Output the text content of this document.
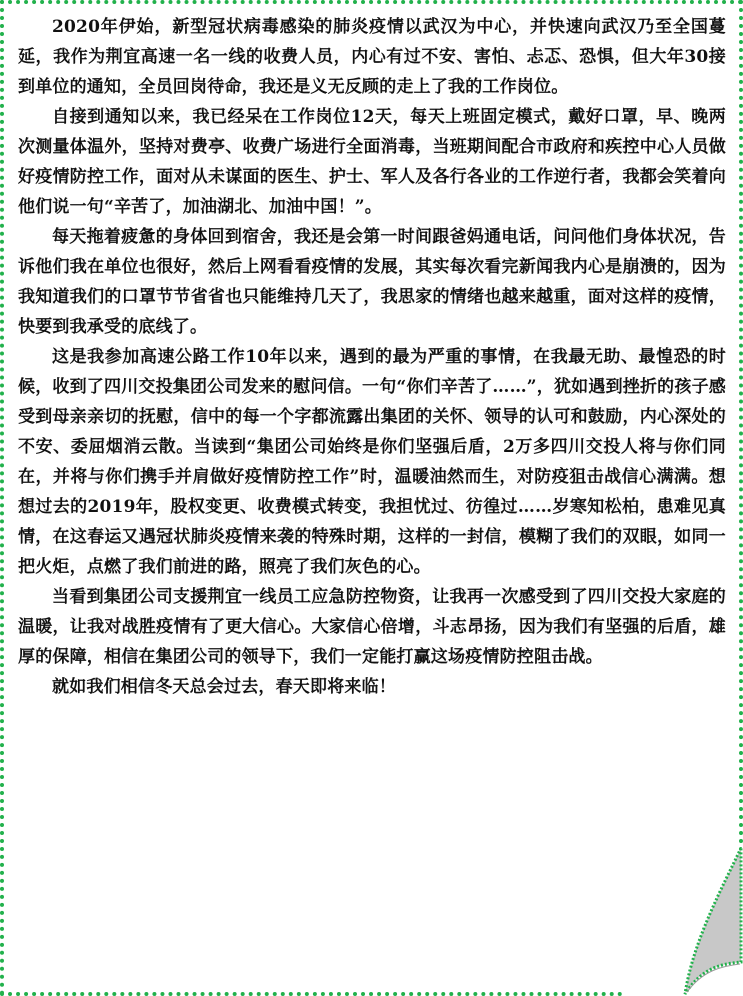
2020年伊始，新型冠状病毒感染的肺炎疫情以武汉为中心，并快速向武汉乃至全国蔓延，我作为荆宜高速一名一线的收费人员，内心有过不安、害怕、忐忑、恐惧，但大年30接到单位的通知，全员回岗待命，我还是义无反顾的走上了我的工作岗位。

自接到通知以来，我已经呆在工作岗位12天，每天上班固定模式，戴好口罩，早、晚两次测量体温外，坚持对费亭、收费广场进行全面消毒，当班期间配合市政府和疾控中心人员做好疫情防控工作，面对从未谋面的医生、护士、军人及各行各业的工作逆行者，我都会笑着向他们说一句“辛苦了，加油湖北、加油中国！”。

每天拖着疲惫的身体回到宿舍，我还是会第一时间跟爸妈通电话，问问他们身体状况，告诉他们我在单位也很好，然后上网看看疫情的发展，其实每次看完新闻我内心是崩溃的，因为我知道我们的口罩节节省省也只能维持几天了，我思家的情绪也越来越重，面对这样的疫情，快要到我承受的底线了。

这是我参加高速公路工作10年以来，遇到的最为严重的事情，在我最无助、最惶恐的时候，收到了四川交投集团公司发来的慰问信。一句“你们辛苦了……”，犹如遇到挫折的孩子感受到母亲亲切的抚慰，信中的每一个字都流露出集团的关怀、领导的认可和鼓励，内心深处的不安、委屈烟消云散。当读到“集团公司始终是你们坚强后盾，2万多四川交投人将与你们同在，并将与你们携手并肩做好疫情防控工作”时，温暖油然而生，对防疫狙击战信心满满。想想过去的2019年，股权变更、收费模式转变，我担忧过、彷徨过……岁寒知松柏，患难见真情，在这春运又遇冠状肺炎疫情来袭的特殊时期，这样的一封信，模糊了我们的双眼，如同一把火炬，点燃了我们前进的路，照亮了我们灰色的心。

当看到集团公司支援荆宜一线员工应急防控物资，让我再一次感受到了四川交投大家庭的温暖，让我对战胜疫情有了更大信心。大家信心倍增，斗志昂扬，因为我们有坚强的后盾，雄厚的保障，相信在集团公司的领导下，我们一定能打赢这场疫情防控阻击战。

就如我们相信冬天总会过去，春天即将来临！
